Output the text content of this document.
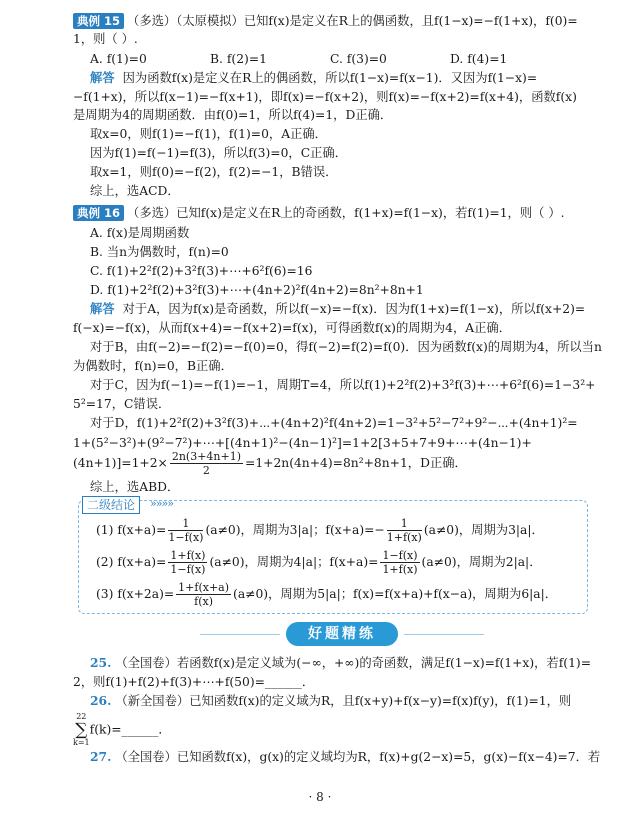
典例 15 （多选）（太原模拟）已知f(x)是定义在R上的偶函数，且f(1−x)=−f(1+x)，f(0)=
1，则（ ）.
A. f(1)=0	B. f(2)=1	C. f(3)=0	D. f(4)=1
解答 因为函数f(x)是定义在R上的偶函数，所以f(1−x)=f(x−1)．又因为f(1−x)=
−f(1+x)，所以f(x−1)=−f(x+1)，即f(x)=−f(x+2)，则f(x)=−f(x+2)=f(x+4)，函数f(x)
是周期为4的周期函数．由f(0)=1，所以f(4)=1，D正确．
取x=0，则f(1)=−f(1)，f(1)=0，A正确．
因为f(1)=f(−1)=f(3)，所以f(3)=0，C正确．
取x=1，则f(0)=−f(2)，f(2)=−1，B错误．
综上，选ACD．
典例 16 （多选）已知f(x)是定义在R上的奇函数，f(1+x)=f(1−x)，若f(1)=1，则（ ）.
A. f(x)是周期函数
B. 当n为偶数时，f(n)=0
C. f(1)+2²f(2)+3²f(3)+⋯+6²f(6)=16
D. f(1)+2²f(2)+3²f(3)+⋯+(4n+2)²f(4n+2)=8n²+8n+1
解答 对于A，因为f(x)是奇函数，所以f(−x)=−f(x)．因为f(1+x)=f(1−x)，所以f(x+2)=
f(−x)=−f(x)，从而f(x+4)=−f(x+2)=f(x)，可得函数f(x)的周期为4，A正确．
对于B，由f(−2)=−f(2)=−f(0)=0，得f(−2)=f(2)=f(0)．因为函数f(x)的周期为4，所以当n
为偶数时，f(n)=0，B正确．
对于C，因为f(−1)=−f(1)=−1，周期T=4，所以f(1)+2²f(2)+3²f(3)+⋯+6²f(6)=1−3²+
5²=17，C错误．
对于D，f(1)+2²f(2)+3²f(3)+⋯+(4n+2)²f(4n+2)=1−3²+5²−7²+9²−⋯+(4n+1)²=
1+(5²−3²)+(9²−7²)+⋯+[(4n+1)²−(4n−1)²]=1+2[3+5+7+9+⋯+(4n−1)+
$(4n+1)]=1+2\times \frac{2n(3+4n+1)}{2} =1+2n(4n+4)=8n^2+8n+1$，D正确．
综上，选ABD．
二级结论	»»»»
(1) $f(x+a)= \frac{1}{1-f(x)} (a\ne 0)$，周期为3|a|；$f(x+a)=- \frac{1}{1+f(x)} (a\ne 0)$，周期为3|a|．
(2) $f(x+a)= \frac{1+f(x)}{1-f(x)} (a\ne 0)$，周期为4|a|；$f(x+a)= \frac{1-f(x)}{1+f(x)} (a\ne 0)$，周期为2|a|．
(3) $f(x+2a)= \frac{1+f(x+a)}{f(x)} (a\ne 0)$，周期为5|a|；f(x)=f(x+a)+f(x−a)，周期为6|a|．
好题精练
25. （全国卷）若函数f(x)是定义域为(−∞，+∞)的奇函数，满足f(1−x)=f(1+x)，若f(1)=
2，则f(1)+f(2)+f(3)+⋯+f(50)=______．
26. （新全国卷）已知函数f(x)的定义域为R，且f(x+y)+f(x−y)=f(x)f(y)，f(1)=1，则
22
∑
k=1
f(k)=______．
27. （全国卷）已知函数f(x)，g(x)的定义域均为R，f(x)+g(2−x)=5，g(x)−f(x−4)=7．若
· 8 ·
